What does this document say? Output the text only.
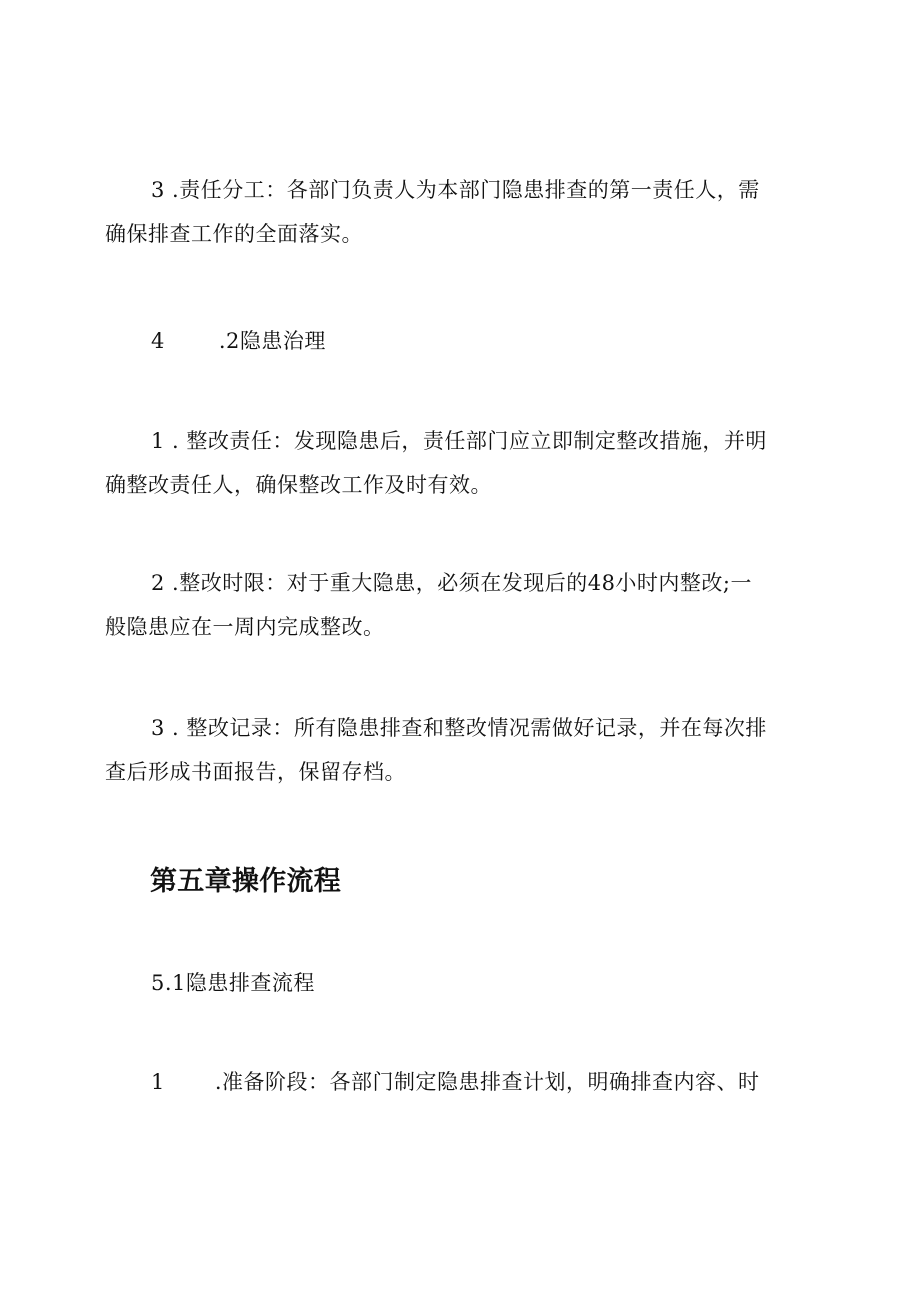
3 .责任分工：各部门负责人为本部门隐患排查的第一责任人，需
确保排查工作的全面落实。
4	.2隐患治理
1 . 整改责任：发现隐患后，责任部门应立即制定整改措施，并明
确整改责任人，确保整改工作及时有效。
2 .整改时限：对于重大隐患，必须在发现后的48小时内整改;一
般隐患应在一周内完成整改。
3 . 整改记录：所有隐患排查和整改情况需做好记录，并在每次排
查后形成书面报告，保留存档。
第五章操作流程
5.1隐患排查流程
1 .准备阶段：各部门制定隐患排查计划，明确排查内容、时
